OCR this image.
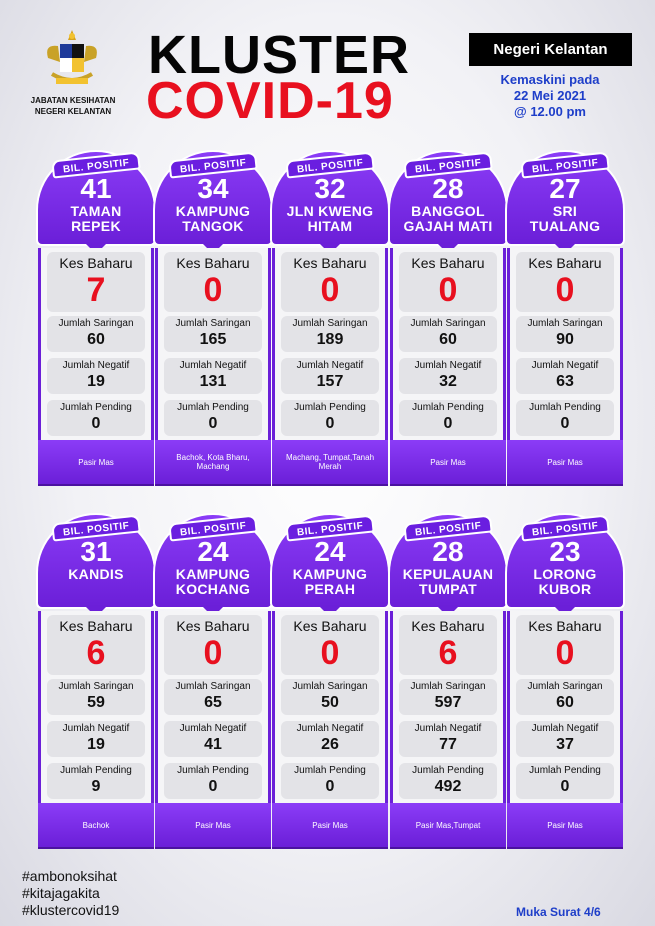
JABATAN KESIHATAN
NEGERI KELANTAN
KLUSTER
COVID-19
Negeri Kelantan
Kemaskini pada
22 Mei 2021
@ 12.00 pm
BIL. POSITIF
41
TAMAN
REPEK
Kes Baharu
7
Jumlah Saringan
60
Jumlah Negatif
19
Jumlah Pending
0
Pasir Mas
BIL. POSITIF
34
KAMPUNG
TANGOK
Kes Baharu
0
Jumlah Saringan
165
Jumlah Negatif
131
Jumlah Pending
0
Bachok, Kota Bharu, Machang
BIL. POSITIF
32
JLN KWENG
HITAM
Kes Baharu
0
Jumlah Saringan
189
Jumlah Negatif
157
Jumlah Pending
0
Machang, Tumpat,Tanah Merah
BIL. POSITIF
28
BANGGOL
GAJAH MATI
Kes Baharu
0
Jumlah Saringan
60
Jumlah Negatif
32
Jumlah Pending
0
Pasir Mas
BIL. POSITIF
27
SRI
TUALANG
Kes Baharu
0
Jumlah Saringan
90
Jumlah Negatif
63
Jumlah Pending
0
Pasir Mas
BIL. POSITIF
31
KANDIS
Kes Baharu
6
Jumlah Saringan
59
Jumlah Negatif
19
Jumlah Pending
9
Bachok
BIL. POSITIF
24
KAMPUNG
KOCHANG
Kes Baharu
0
Jumlah Saringan
65
Jumlah Negatif
41
Jumlah Pending
0
Pasir Mas
BIL. POSITIF
24
KAMPUNG
PERAH
Kes Baharu
0
Jumlah Saringan
50
Jumlah Negatif
26
Jumlah Pending
0
Pasir Mas
BIL. POSITIF
28
KEPULAUAN
TUMPAT
Kes Baharu
6
Jumlah Saringan
597
Jumlah Negatif
77
Jumlah Pending
492
Pasir Mas,Tumpat
BIL. POSITIF
23
LORONG
KUBOR
Kes Baharu
0
Jumlah Saringan
60
Jumlah Negatif
37
Jumlah Pending
0
Pasir Mas
#ambonoksihat
#kitajagakita
#klustercovid19	Muka Surat 4/6
